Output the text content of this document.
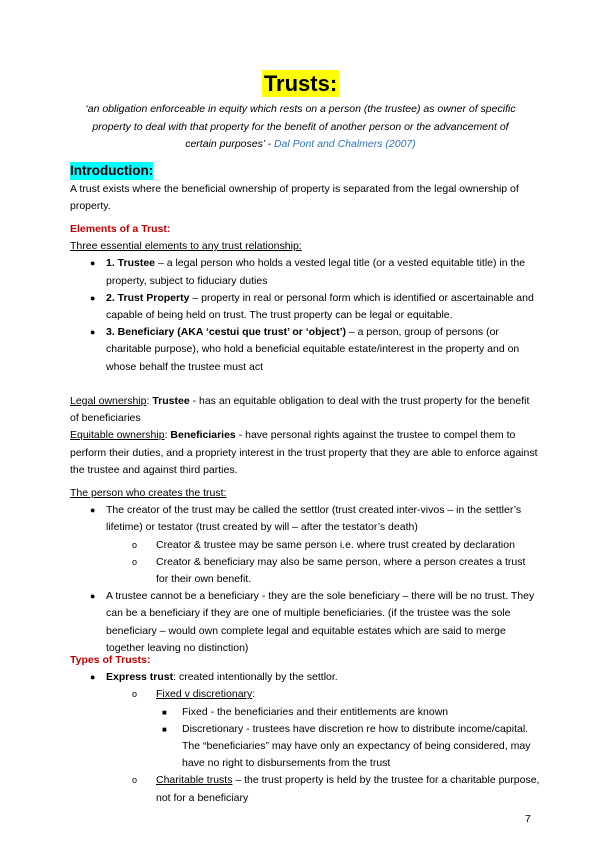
Trusts:
‘an obligation enforceable in equity which rests on a person (the trustee) as owner of specific property to deal with that property for the benefit of another person or the advancement of certain purposes’ - Dal Pont and Chalmers (2007)
Introduction:

A trust exists where the beneficial ownership of property is separated from the legal ownership of property.

Elements of a Trust:

Three essential elements to any trust relationship:

● 1. Trustee – a legal person who holds a vested legal title (or a vested equitable title) in the property, subject to fiduciary duties
● 2. Trust Property – property in real or personal form which is identified or ascertainable and capable of being held on trust. The trust property can be legal or equitable.
● 3. Beneficiary (AKA ‘cestui que trust’ or ‘object’) – a person, group of persons (or charitable purpose), who hold a beneficial equitable estate/interest in the property and on whose behalf the trustee must act

Legal ownership: Trustee - has an equitable obligation to deal with the trust property for the benefit of beneficiaries

Equitable ownership: Beneficiaries - have personal rights against the trustee to compel them to perform their duties, and a propriety interest in the trust property that they are able to enforce against the trustee and against third parties.

The person who creates the trust:

● The creator of the trust may be called the settlor (trust created inter-vivos – in the settler’s lifetime) or testator (trust created by will – after the testator’s death)
o Creator & trustee may be same person i.e. where trust created by declaration
o Creator & beneficiary may also be same person, where a person creates a trust for their own benefit.
● A trustee cannot be a beneficiary - they are the sole beneficiary – there will be no trust. They can be a beneficiary if they are one of multiple beneficiaries. (if the trustee was the sole beneficiary – would own complete legal and equitable estates which are said to merge together leaving no distinction)

Types of Trusts:

● Express trust: created intentionally by the settlor.
o Fixed v discretionary:
■ Fixed - the beneficiaries and their entitlements are known
■ Discretionary - trustees have discretion re how to distribute income/capital. The “beneficiaries” may have only an expectancy of being considered, may have no right to disbursements from the trust
o Charitable trusts – the trust property is held by the trustee for a charitable purpose, not for a beneficiary
7
